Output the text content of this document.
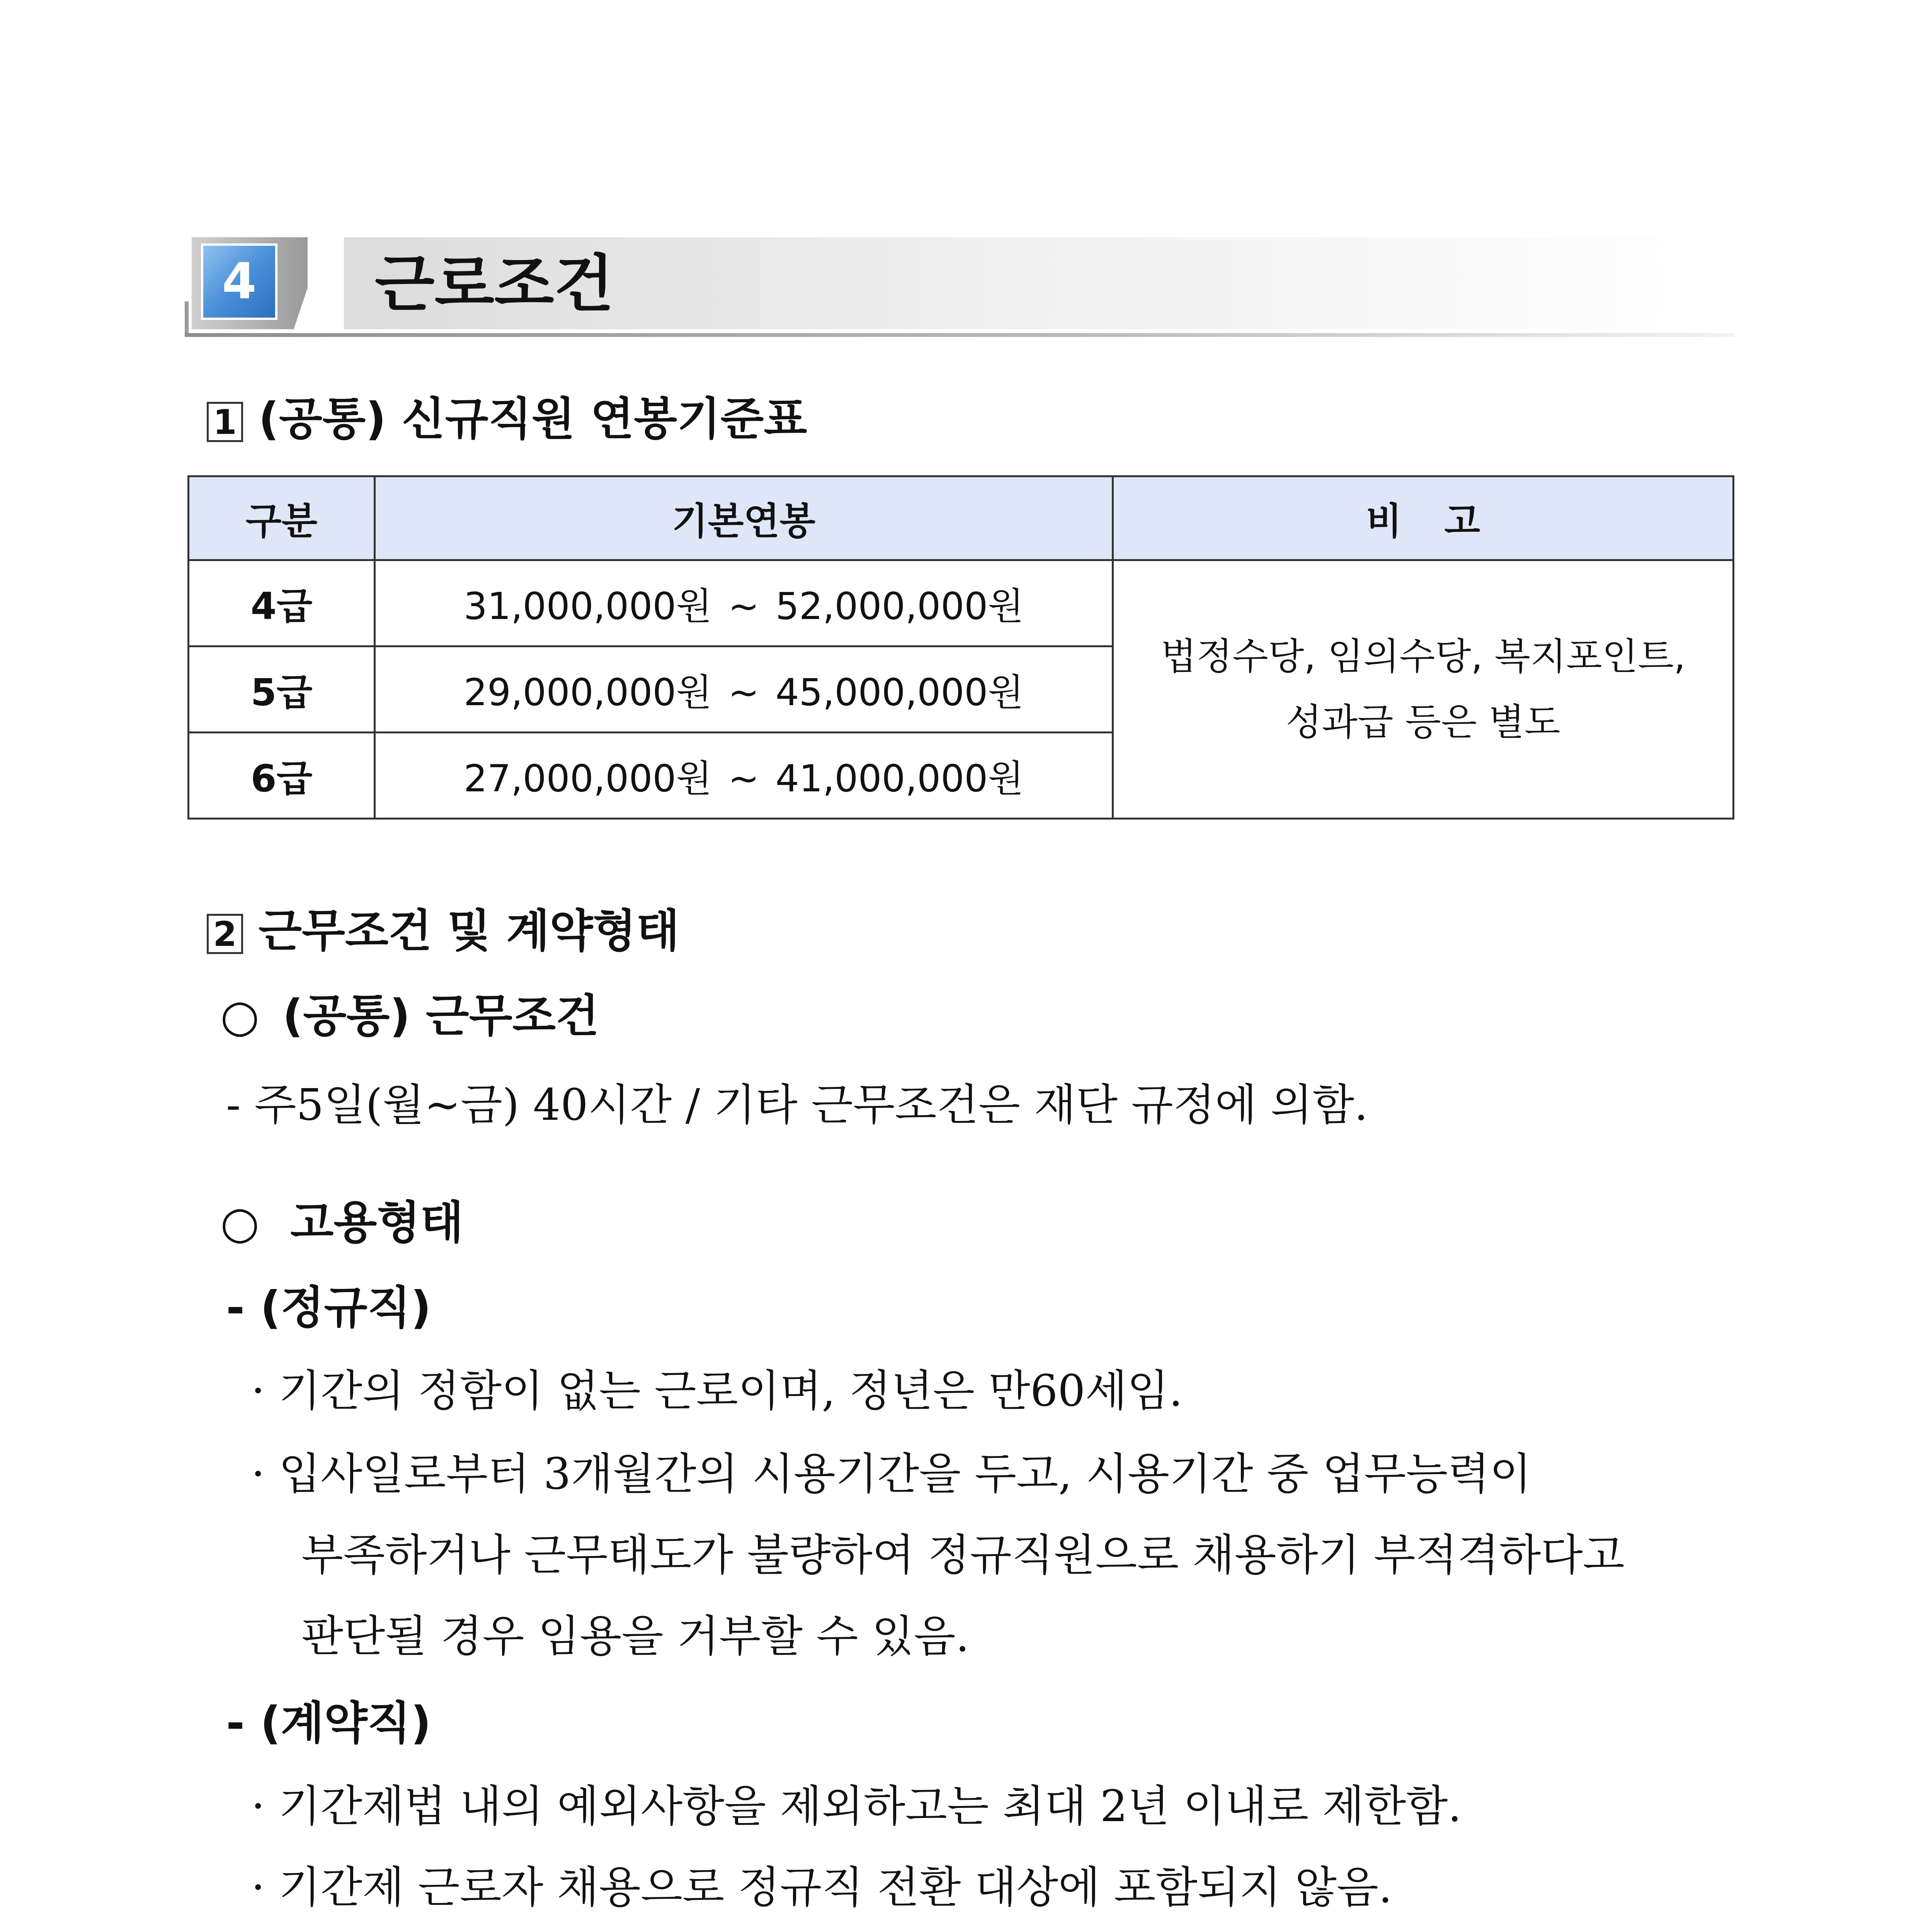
4	근로조건
1 (공통) 신규직원 연봉기준표
구분	기본연봉	비 고
4급	31,000,000원 ~ 52,000,000원	법정수당, 임의수당, 복지포인트,
성과급 등은 별도

5급	29,000,000원 ~ 45,000,000원	
6급	27,000,000원 ~ 41,000,000원	
2 근무조건 및 계약형태
○ (공통) 근무조건
- 주5일(월~금) 40시간 / 기타 근무조건은 재단 규정에 의함.
○ 고용형태
- (정규직)
· 기간의 정함이 없는 근로이며, 정년은 만60세임.
· 입사일로부터 3개월간의 시용기간을 두고, 시용기간 중 업무능력이
부족하거나 근무태도가 불량하여 정규직원으로 채용하기 부적격하다고
판단될 경우 임용을 거부할 수 있음.
- (계약직)
· 기간제법 내의 예외사항을 제외하고는 최대 2년 이내로 제한함.
· 기간제 근로자 채용으로 정규직 전환 대상에 포함되지 않음.
